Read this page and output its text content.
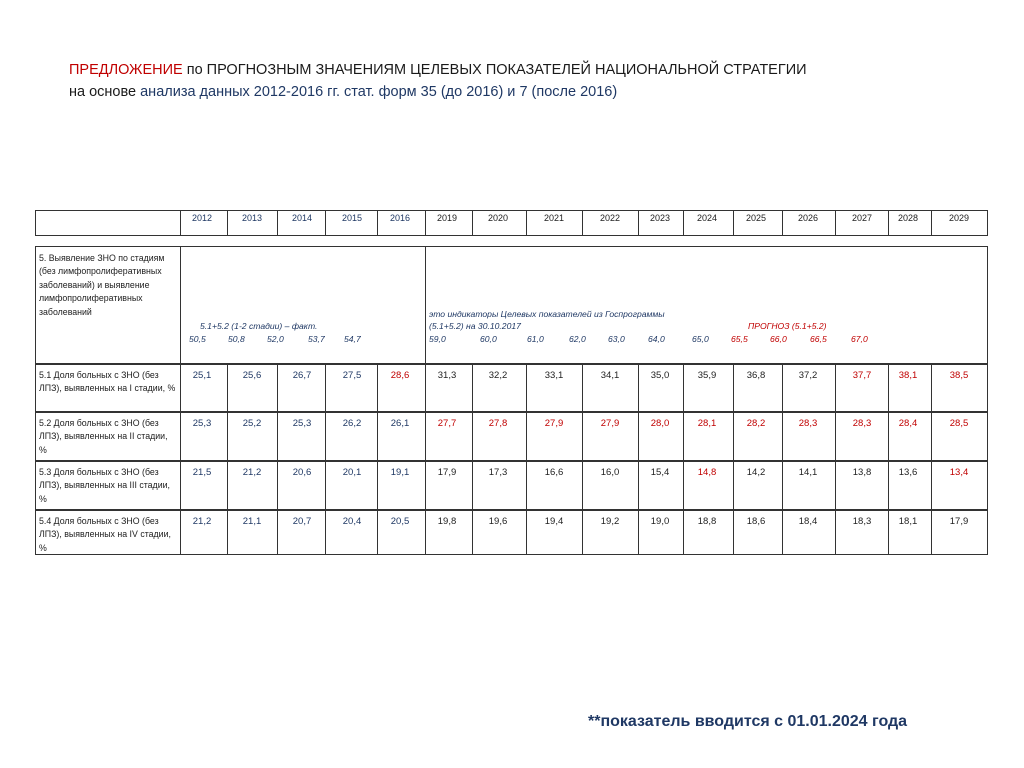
ПРЕДЛОЖЕНИЕ по ПРОГНОЗНЫМ ЗНАЧЕНИЯМ ЦЕЛЕВЫХ ПОКАЗАТЕЛЕЙ НАЦИОНАЛЬНОЙ СТРАТЕГИИ
на основе анализа данных 2012-2016 гг. стат. форм 35 (до 2016) и 7 (после 2016)
2012	2013	2014	2015	2016	2019	2020	2021	2022	2023	2024	2025	2026	2027	2028	2029
5. Выявление ЗНО по стадиям (без лимфопролиферативных заболеваний) и выявление лимфопролиферативных заболеваний
5.1+5.2 (1-2 стадии) – факт.
это индикаторы Целевых показателей из Госпрограммы
(5.1+5.2) на 30.10.2017	ПРОГНОЗ (5.1+5.2)
50,5	50,8	52,0	53,7 54,7	59,0	60,0	61,0	62,0	63,0	64,0	65,0	65,5	66,0	66,5	67,0
5.1 Доля больных с ЗНО (без ЛПЗ), выявленных на I стадии, %
25,1	25,6	26,7	27,5	28,6	31,3	32,2	33,1	34,1	35,0	35,9	36,8	37,2	37,7	38,1	38,5
5.2 Доля больных с ЗНО (без ЛПЗ), выявленных на II стадии, %
25,3	25,2	25,3	26,2	26,1	27,7	27,8	27,9	27,9	28,0	28,1	28,2	28,3	28,3	28,4	28,5
5.3 Доля больных с ЗНО (без ЛПЗ), выявленных на III стадии, %
21,5	21,2	20,6	20,1	19,1	17,9	17,3	16,6	16,0	15,4	14,8	14,2	14,1	13,8	13,6	13,4
5.4 Доля больных с ЗНО (без ЛПЗ), выявленных на IV стадии, %
21,2	21,1	20,7	20,4	20,5	19,8	19,6	19,4	19,2	19,0	18,8	18,6	18,4	18,3	18,1	17,9
**показатель вводится с 01.01.2024 года
